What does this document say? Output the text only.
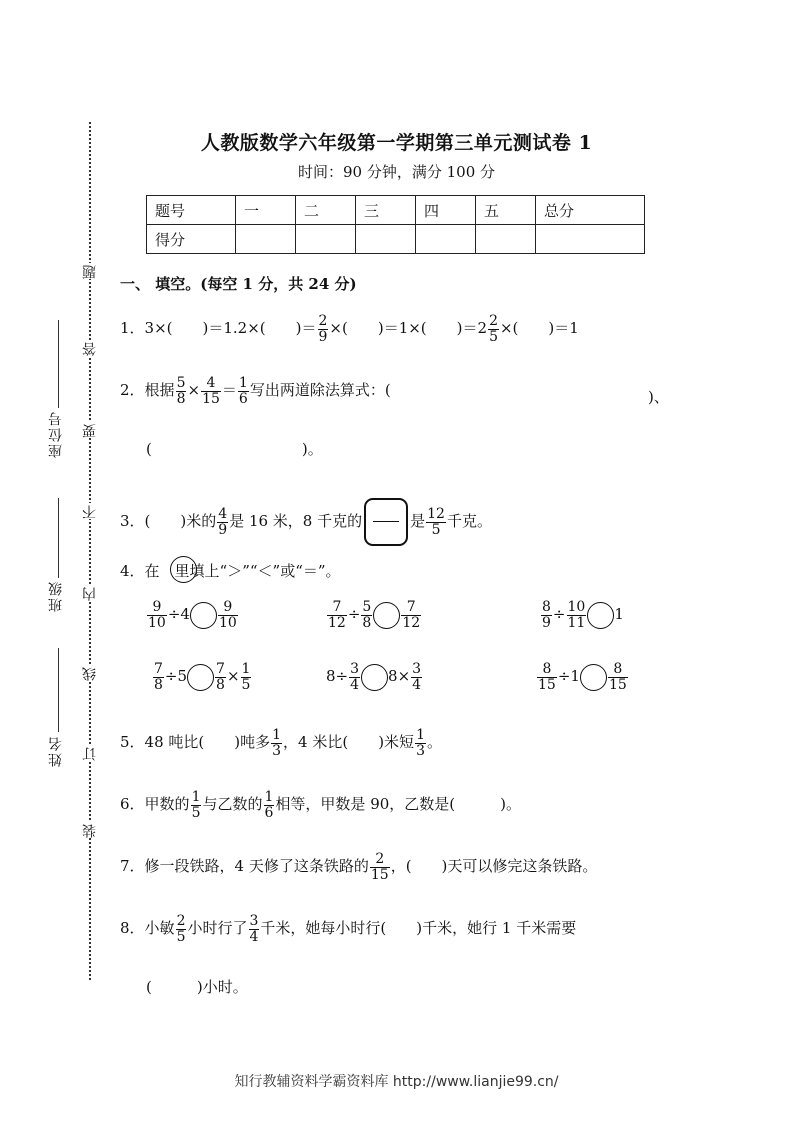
座位号
班级
姓名
题
答
要
不
内
线
订
装
人教版数学六年级第一学期第三单元测试卷 1
时间：90 分钟，满分 100 分
题号	一	二	三	四	五	总分
得分						
一、 填空。(每空 1 分，共 24 分)
1．3×(　　)＝1.2×(　　)＝ $\frac{2}{9}$ ×(　　)＝1×(　　)$=2 \frac{2}{5}$ ×(　　)＝1
2．根据 $\frac{5}{8} \times \frac{4}{15} = \frac{1}{6}$ 写出两道除法算式：(	)、
(　　　　　　　　　　)。
3．(　　)米的 $\frac{4}{9}$ 是 16 米，8 千克的	是 $\frac{12}{5}$ 千克。
4．在　里填上“＞”“＜”或“＝”。
$\frac{9}{10} \div 4 \frac{9}{10}$	$\frac{7}{12} \div \frac{5}{8} \frac{7}{12}$	$\frac{8}{9} \div \frac{10}{11} 1$
$\frac{7}{8} \div 5 \frac{7}{8} \times \frac{1}{5}$	$8\div \frac{3}{4} 8\times \frac{3}{4}$	$\frac{8}{15} \div 1 \frac{8}{15}$
5．48 吨比(　　)吨多 $\frac{1}{3}$ ，4 米比(　　)米短 $\frac{1}{3}$ 。
6．甲数的 $\frac{1}{5}$ 与乙数的 $\frac{1}{6}$ 相等，甲数是 90，乙数是(　　　)。
7．修一段铁路，4 天修了这条铁路的 $\frac{2}{15}$ ，(　　)天可以修完这条铁路。
8．小敏 $\frac{2}{5}$ 小时行了 $\frac{3}{4}$ 千米，她每小时行(　　)千米，她行 1 千米需要
(　　　)小时。
知行教辅资料学霸资料库 http://www.lianjie99.cn/
